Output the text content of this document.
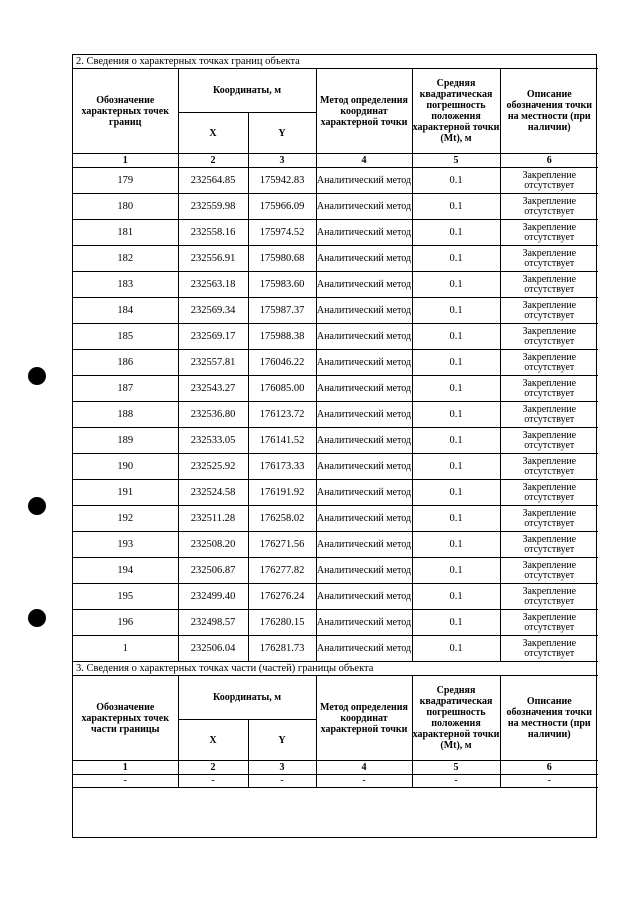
2. Сведения о характерных точках границ объекта					
Обозначение характерных точек границ	Координаты, м		Метод определения координат характерной точки	Средняя квадратическая погрешность положения характерной точки (Mt), м	Описание обозначения точки на местности (при наличии)
	X	Y			
1	2	3	4	5	6
179	232564.85	175942.83	Аналитический метод	0.1	Закрепление отсутствует
180	232559.98	175966.09	Аналитический метод	0.1	Закрепление отсутствует
181	232558.16	175974.52	Аналитический метод	0.1	Закрепление отсутствует
182	232556.91	175980.68	Аналитический метод	0.1	Закрепление отсутствует
183	232563.18	175983.60	Аналитический метод	0.1	Закрепление отсутствует
184	232569.34	175987.37	Аналитический метод	0.1	Закрепление отсутствует
185	232569.17	175988.38	Аналитический метод	0.1	Закрепление отсутствует
186	232557.81	176046.22	Аналитический метод	0.1	Закрепление отсутствует
187	232543.27	176085.00	Аналитический метод	0.1	Закрепление отсутствует
188	232536.80	176123.72	Аналитический метод	0.1	Закрепление отсутствует
189	232533.05	176141.52	Аналитический метод	0.1	Закрепление отсутствует
190	232525.92	176173.33	Аналитический метод	0.1	Закрепление отсутствует
191	232524.58	176191.92	Аналитический метод	0.1	Закрепление отсутствует
192	232511.28	176258.02	Аналитический метод	0.1	Закрепление отсутствует
193	232508.20	176271.56	Аналитический метод	0.1	Закрепление отсутствует
194	232506.87	176277.82	Аналитический метод	0.1	Закрепление отсутствует
195	232499.40	176276.24	Аналитический метод	0.1	Закрепление отсутствует
196	232498.57	176280.15	Аналитический метод	0.1	Закрепление отсутствует
1	232506.04	176281.73	Аналитический метод	0.1	Закрепление отсутствует
3. Сведения о характерных точках части (частей) границы объекта					
Обозначение характерных точек части границы	Координаты, м		Метод определения координат характерной точки	Средняя квадратическая погрешность положения характерной точки (Mt), м	Описание обозначения точки на местности (при наличии)
	X	Y			
1	2	3	4	5	6
-	-	-	-	-	-
